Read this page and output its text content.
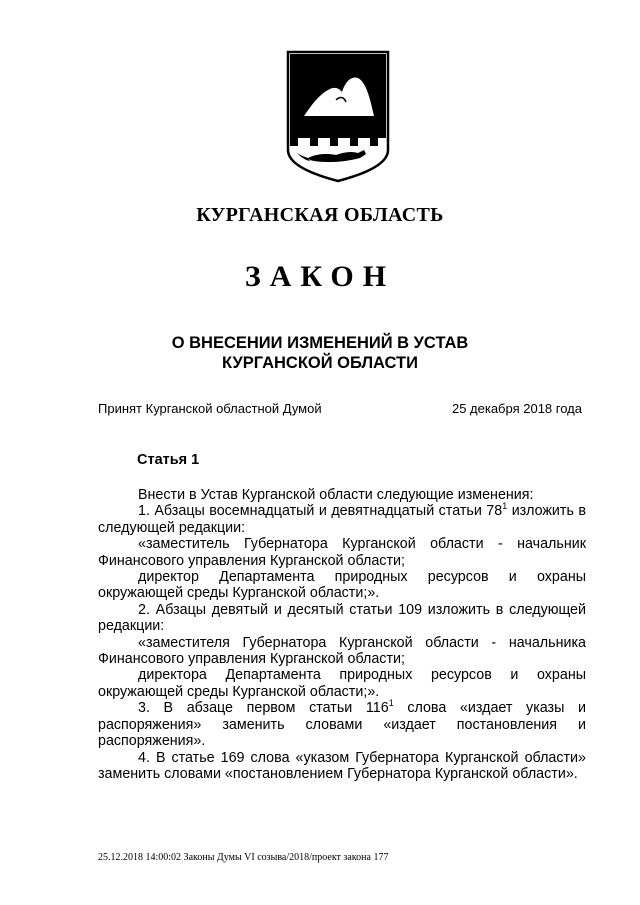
КУРГАНСКАЯ ОБЛАСТЬ
ЗАКОН
О ВНЕСЕНИИ ИЗМЕНЕНИЙ В УСТАВ
КУРГАНСКОЙ ОБЛАСТИ
Принят Курганской областной Думой	25 декабря 2018 года
Статья 1

Внести в Устав Курганской области следующие изменения:

1. Абзацы восемнадцатый и девятнадцатый статьи $78^1$ изложить в следующей редакции:

«заместитель Губернатора Курганской области - начальник Финансового управления Курганской области;

директор Департамента природных ресурсов и охраны окружающей среды Курганской области;».

2. Абзацы девятый и десятый статьи 109 изложить в следующей редакции:

«заместителя Губернатора Курганской области - начальника Финансового управления Курганской области;

директора Департамента природных ресурсов и охраны окружающей среды Курганской области;».

3. В абзаце первом статьи $116^1$ слова «издает указы и распоряжения» заменить словами «издает постановления и распоряжения».

4. В статье 169 слова «указом Губернатора Курганской области» заменить словами «постановлением Губернатора Курганской области».

25.12.2018 14:00:02 Законы Думы VI созыва/2018/проект закона 177
